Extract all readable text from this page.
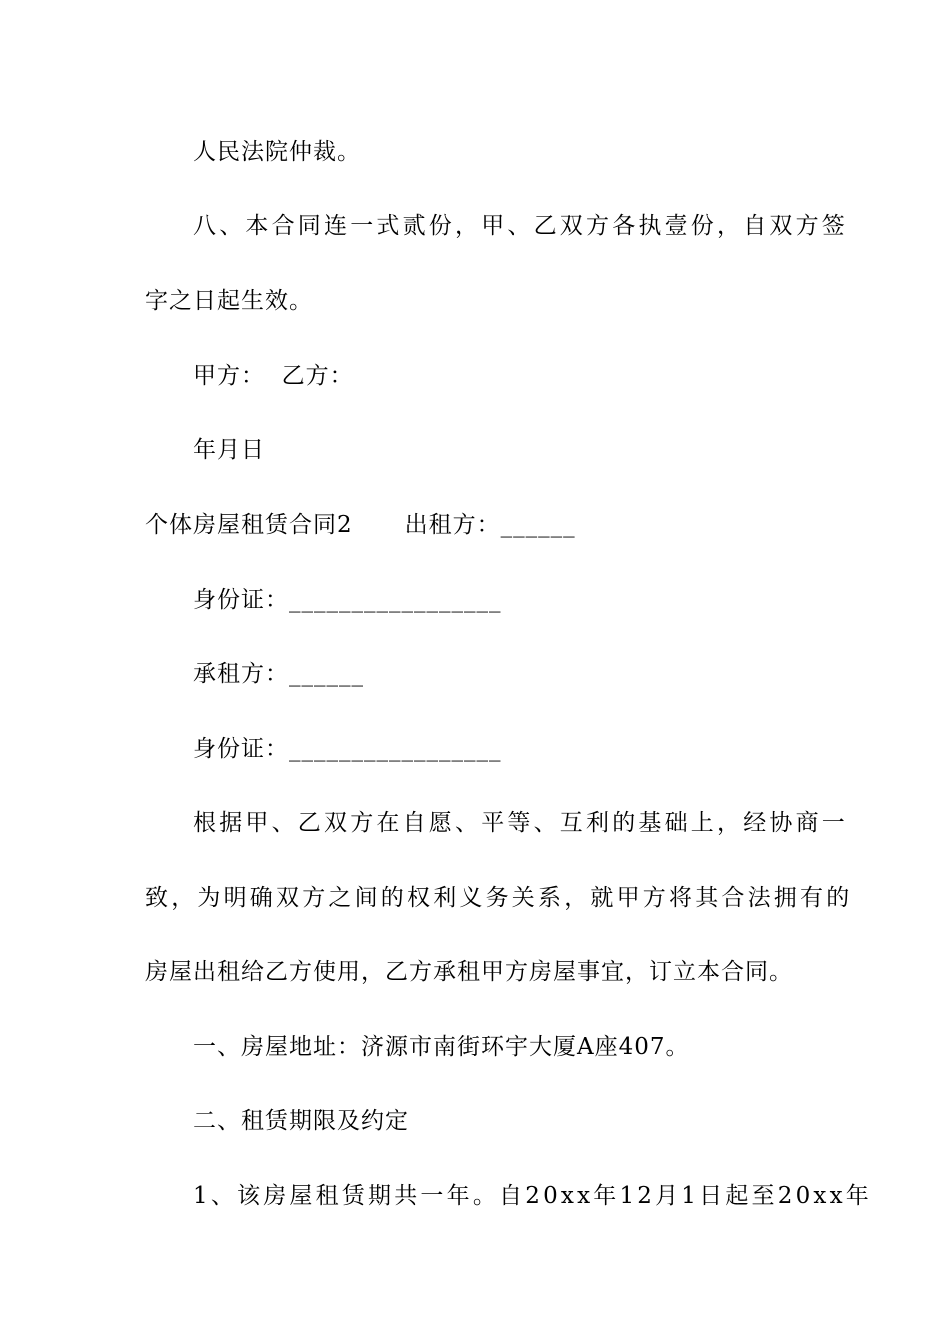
人民法院仲裁。
八、本合同连一式贰份，甲、乙双方各执壹份，自双方签
字之日起生效。
甲方：  乙方：
年月日
个体房屋租赁合同2 出租方：______
身份证：_________________
承租方：______
身份证：_________________
根据甲、乙双方在自愿、平等、互利的基础上，经协商一
致，为明确双方之间的权利义务关系，就甲方将其合法拥有的
房屋出租给乙方使用，乙方承租甲方房屋事宜，订立本合同。
一、房屋地址：济源市南街环宇大厦A座407。
二、租赁期限及约定
1、该房屋租赁期共一年。自20xx年12月1日起至20xx年
